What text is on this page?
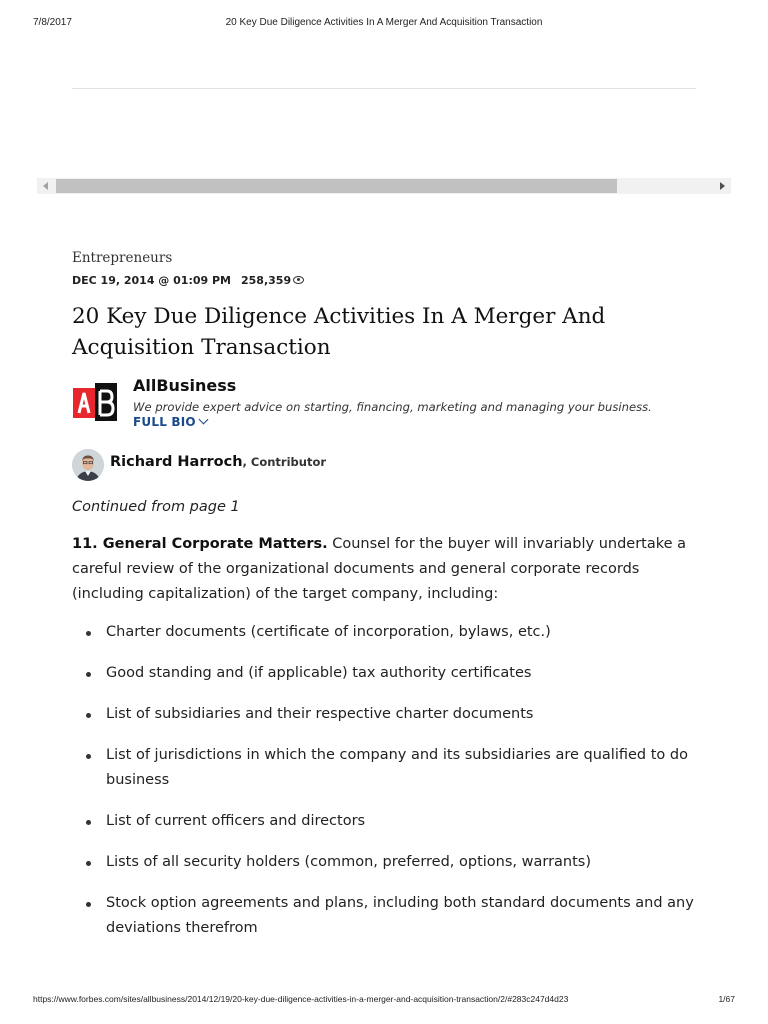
7/8/2017	20 Key Due Diligence Activities In A Merger And Acquisition Transaction
Entrepreneurs
DEC 19, 2014 @ 01:09 PM 258,359
20 Key Due Diligence Activities In A Merger And Acquisition Transaction
AllBusiness
We provide expert advice on starting, financing, marketing and managing your business.
FULL BIO
Richard Harroch, Contributor
Continued from page 1
11. General Corporate Matters. Counsel for the buyer will invariably undertake a careful review of the organizational documents and general corporate records (including capitalization) of the target company, including:
Charter documents (certificate of incorporation, bylaws, etc.)
Good standing and (if applicable) tax authority certificates
List of subsidiaries and their respective charter documents
List of jurisdictions in which the company and its subsidiaries are qualified to do business
List of current officers and directors
Lists of all security holders (common, preferred, options, warrants)
Stock option agreements and plans, including both standard documents and any deviations therefrom
https://www.forbes.com/sites/allbusiness/2014/12/19/20-key-due-diligence-activities-in-a-merger-and-acquisition-transaction/2/#283c247d4d23	1/67
